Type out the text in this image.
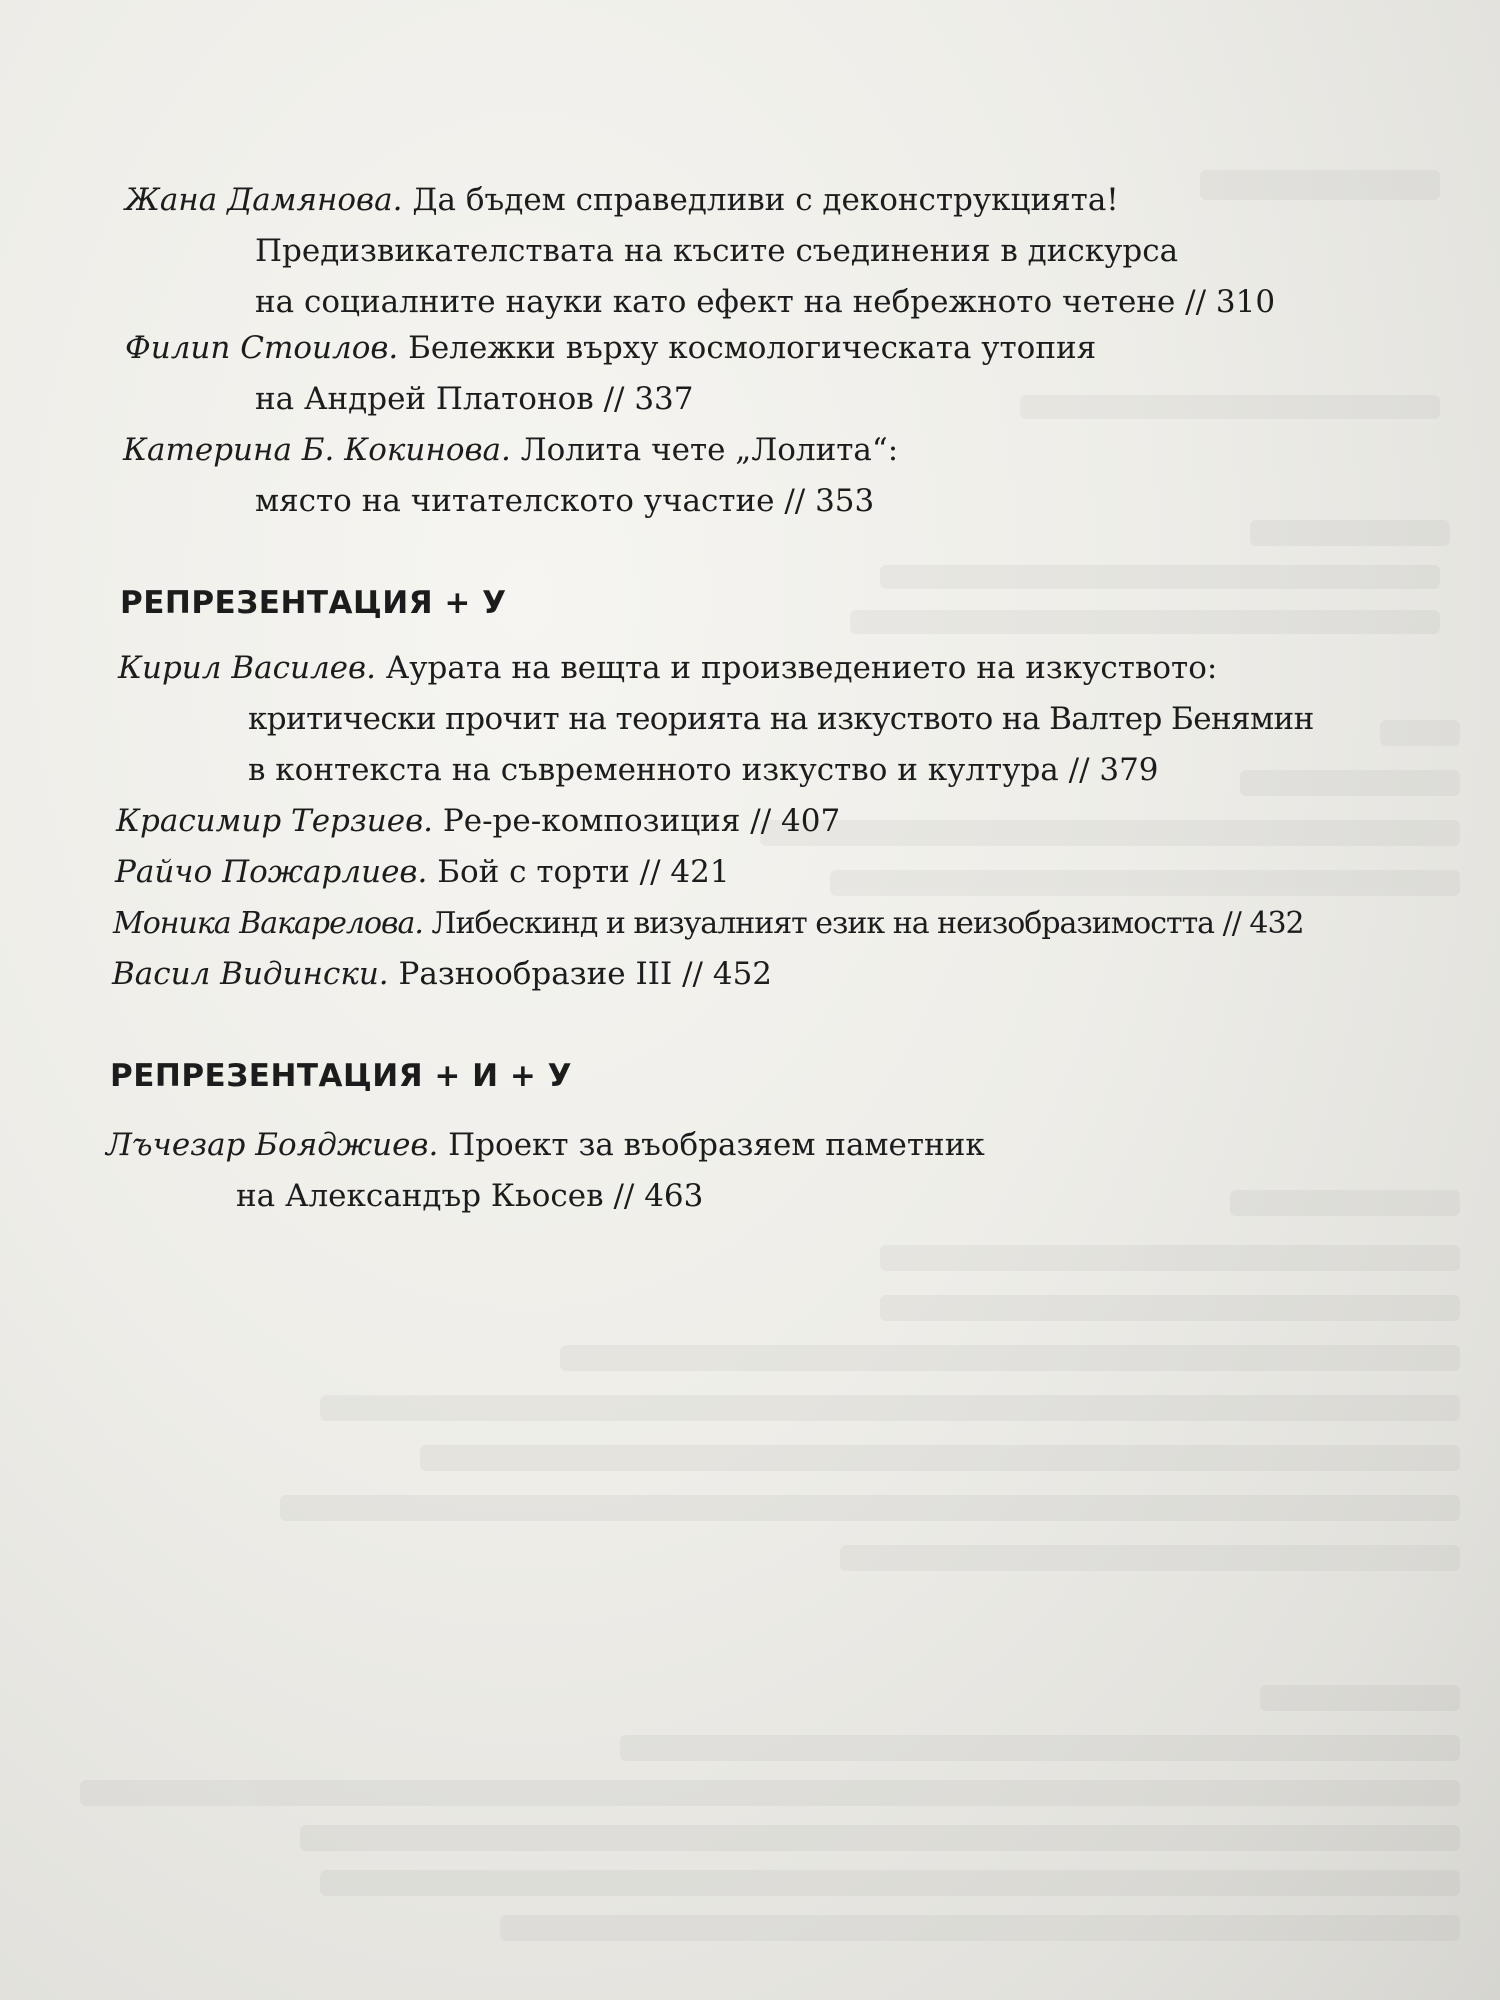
Жана Дамянова. Да бъдем справедливи с деконструкцията!
Предизвикателствата на късите съединения в дискурса
на социалните науки като ефект на небрежното четене // 310
Филип Стоилов. Бележки върху космологическата утопия
на Андрей Платонов // 337
Катерина Б. Кокинова. Лолита чете „Лолита“:
място на читателското участие // 353
РЕПРЕЗЕНТАЦИЯ + У
Кирил Василев. Аурата на вещта и произведението на изкуството:
критически прочит на теорията на изкуството на Валтер Бенямин
в контекста на съвременното изкуство и култура // 379
Красимир Терзиев. Ре-ре-композиция // 407
Райчо Пожарлиев. Бой с торти // 421
Моника Вакарелова. Либескинд и визуалният език на неизобразимостта // 432
Васил Видински. Разнообразие III // 452
РЕПРЕЗЕНТАЦИЯ + И + У
Лъчезар Бояджиев. Проект за въобразяем паметник
на Александър Кьосев // 463
